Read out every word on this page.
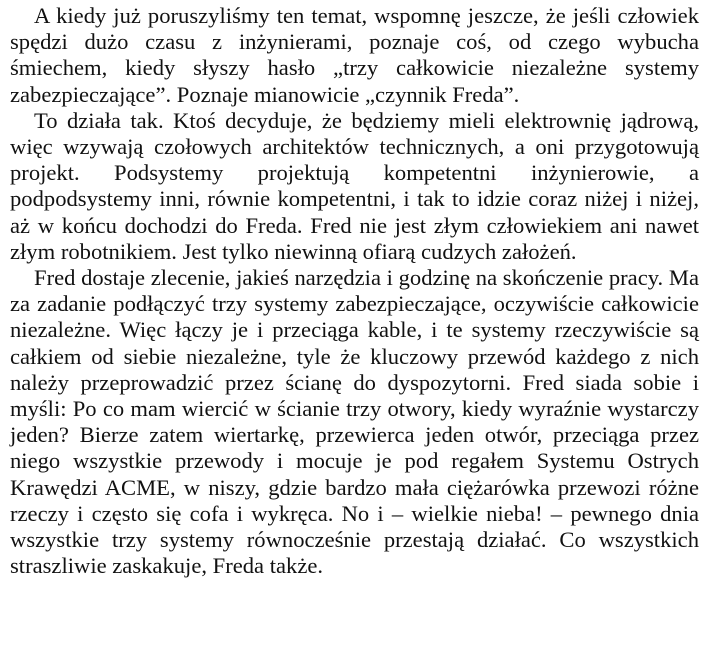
A kiedy już poruszyliśmy ten temat, wspomnę jeszcze, że jeśli człowiek spędzi dużo czasu z inżynierami, poznaje coś, od czego wybucha śmiechem, kiedy słyszy hasło „trzy całkowicie niezależne systemy zabezpieczające”. Poznaje mianowicie „czynnik Freda”.

To działa tak. Ktoś decyduje, że będziemy mieli elektrownię jądrową, więc wzywają czołowych architektów technicznych, a oni przygotowują projekt. Podsystemy projektują kompetentni inżynierowie, a podpodsystemy inni, równie kompetentni, i tak to idzie coraz niżej i niżej, aż w końcu dochodzi do Freda. Fred nie jest złym człowiekiem ani nawet złym robotnikiem. Jest tylko niewinną ofiarą cudzych założeń.

Fred dostaje zlecenie, jakieś narzędzia i godzinę na skończenie pracy. Ma za zadanie podłączyć trzy systemy zabezpieczające, oczywiście całkowicie niezależne. Więc łączy je i przeciąga kable, i te systemy rzeczywiście są całkiem od siebie niezależne, tyle że kluczowy przewód każdego z nich należy przeprowadzić przez ścianę do dyspozytorni. Fred siada sobie i myśli: Po co mam wiercić w ścianie trzy otwory, kiedy wyraźnie wystarczy jeden? Bierze zatem wiertarkę, przewierca jeden otwór, przeciąga przez niego wszystkie przewody i mocuje je pod regałem Systemu Ostrych Krawędzi ACME, w niszy, gdzie bardzo mała ciężarówka przewozi różne rzeczy i często się cofa i wykręca. No i – wielkie nieba! – pewnego dnia wszystkie trzy systemy równocześnie przestają działać. Co wszystkich straszliwie zaskakuje, Freda także.
